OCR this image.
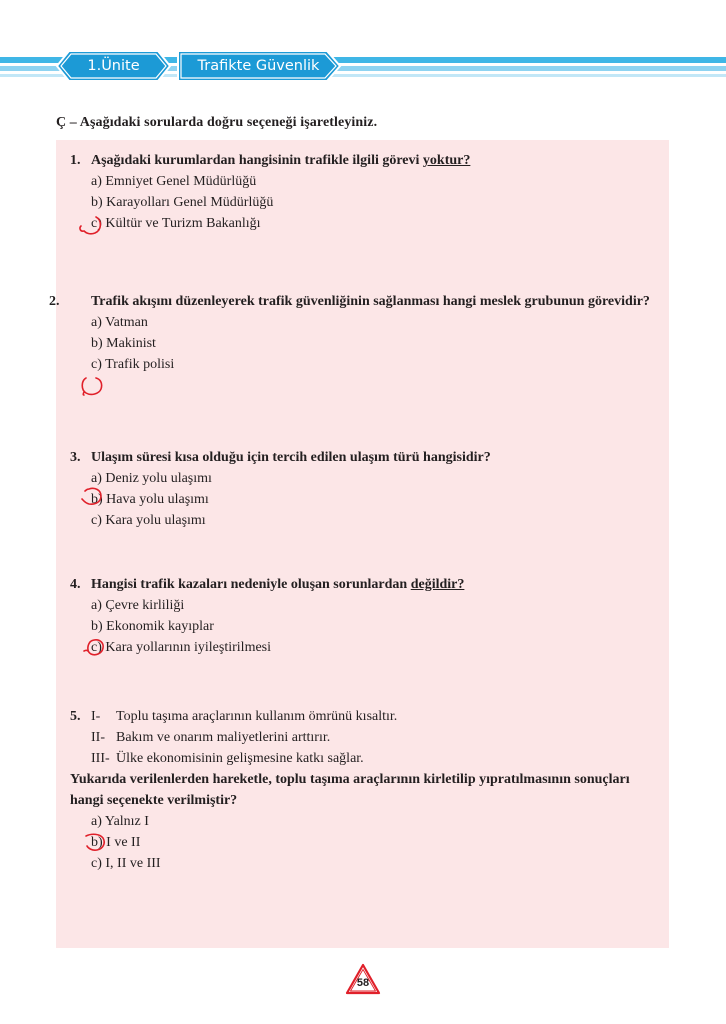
1.Ünite	Trafikte Güvenlik
Ç – Aşağıdaki sorularda doğru seçeneği işaretleyiniz.
1. Aşağıdaki kurumlardan hangisinin trafikle ilgili görevi yoktur?
a) Emniyet Genel Müdürlüğü
b) Karayolları Genel Müdürlüğü
c) Kültür ve Turizm Bakanlığı
2. Trafik akışını düzenleyerek trafik güvenliğinin sağlanması hangi meslek grubunun görevidir?
a) Vatman
b) Makinist
c) Trafik polisi
3. Ulaşım süresi kısa olduğu için tercih edilen ulaşım türü hangisidir?
a) Deniz yolu ulaşımı
b) Hava yolu ulaşımı
c) Kara yolu ulaşımı
4. Hangisi trafik kazaları nedeniyle oluşan sorunlardan değildir?
a) Çevre kirliliği
b) Ekonomik kayıplar
c) Kara yollarının iyileştirilmesi
5. I-	Toplu taşıma araçlarının kullanım ömrünü kısaltır.
II- Bakım ve onarım maliyetlerini arttırır.
III- Ülke ekonomisinin gelişmesine katkı sağlar.
Yukarıda verilenlerden hareketle, toplu taşıma araçlarının kirletilip yıpratılmasının sonuçları hangi seçenekte verilmiştir?
a) Yalnız I
b) I ve II
c) I, II ve III
58
